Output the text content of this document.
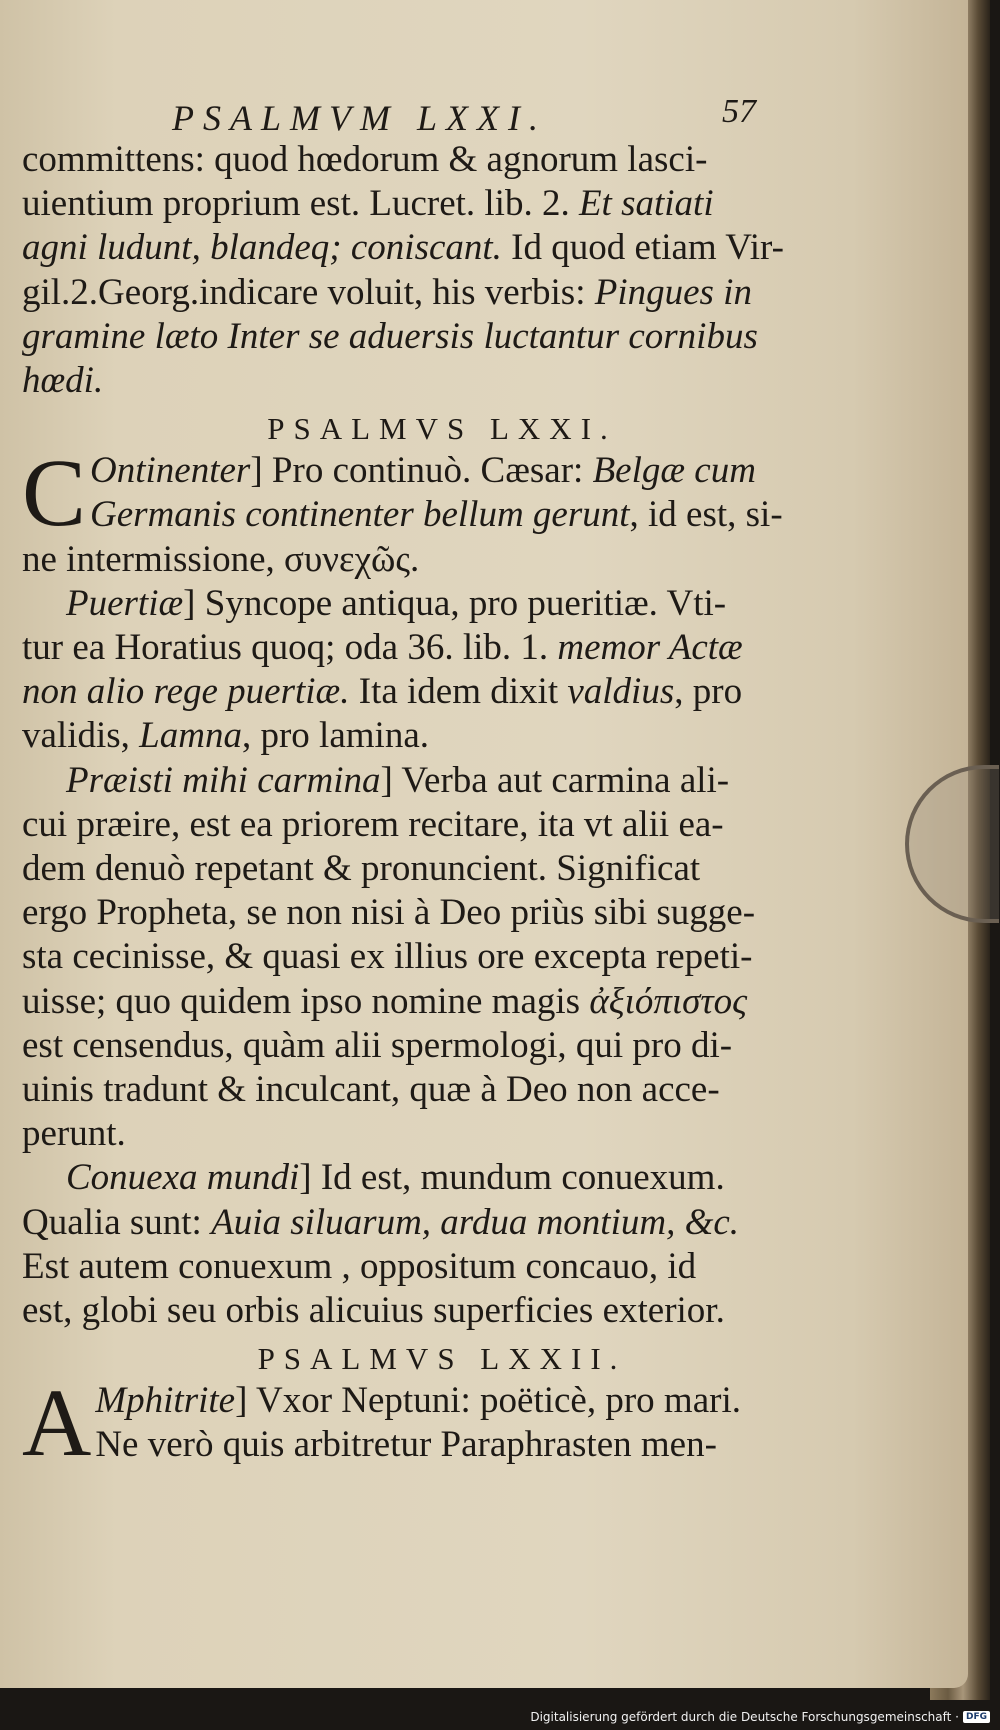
PSALMVM LXXI.	57
committens: quod hœdorum & agnorum lasci-
uientium proprium est. Lucret. lib. 2. Et satiati
agni ludunt, blandeq; coniscant. Id quod etiam Vir-
gil.2.Georg.indicare voluit, his verbis: Pingues in
gramine læto Inter se aduersis luctantur cornibus
hœdi.
PSALMVS LXXI.
C Ontinenter] Pro continuò. Cæsar: Belgæ cum
Germanis continenter bellum gerunt, id est, si-
ne intermissione, συνεχῶς.
Puertiæ] Syncope antiqua, pro pueritiæ. Vti-
tur ea Horatius quoq; oda 36. lib. 1. memor Actæ
non alio rege puertiæ. Ita idem dixit valdius, pro
validis, Lamna, pro lamina.
Præisti mihi carmina] Verba aut carmina ali-
cui præire, est ea priorem recitare, ita vt alii ea-
dem denuò repetant & pronuncient. Significat
ergo Propheta, se non nisi à Deo priùs sibi sugge-
sta cecinisse, & quasi ex illius ore excepta repeti-
uisse; quo quidem ipso nomine magis ἀξιόπιστος
est censendus, quàm alii spermologi, qui pro di-
uinis tradunt & inculcant, quæ à Deo non acce-
perunt.
Conuexa mundi] Id est, mundum conuexum.
Qualia sunt: Auia siluarum, ardua montium, &c.
Est autem conuexum , oppositum concauo, id
est, globi seu orbis alicuius superficies exterior.
PSALMVS LXXII.
A Mphitrite] Vxor Neptuni: poëticè, pro mari.
Ne verò quis arbitretur Paraphrasten men-
Digitalisierung gefördert durch die Deutsche Forschungsgemeinschaft · DFG
